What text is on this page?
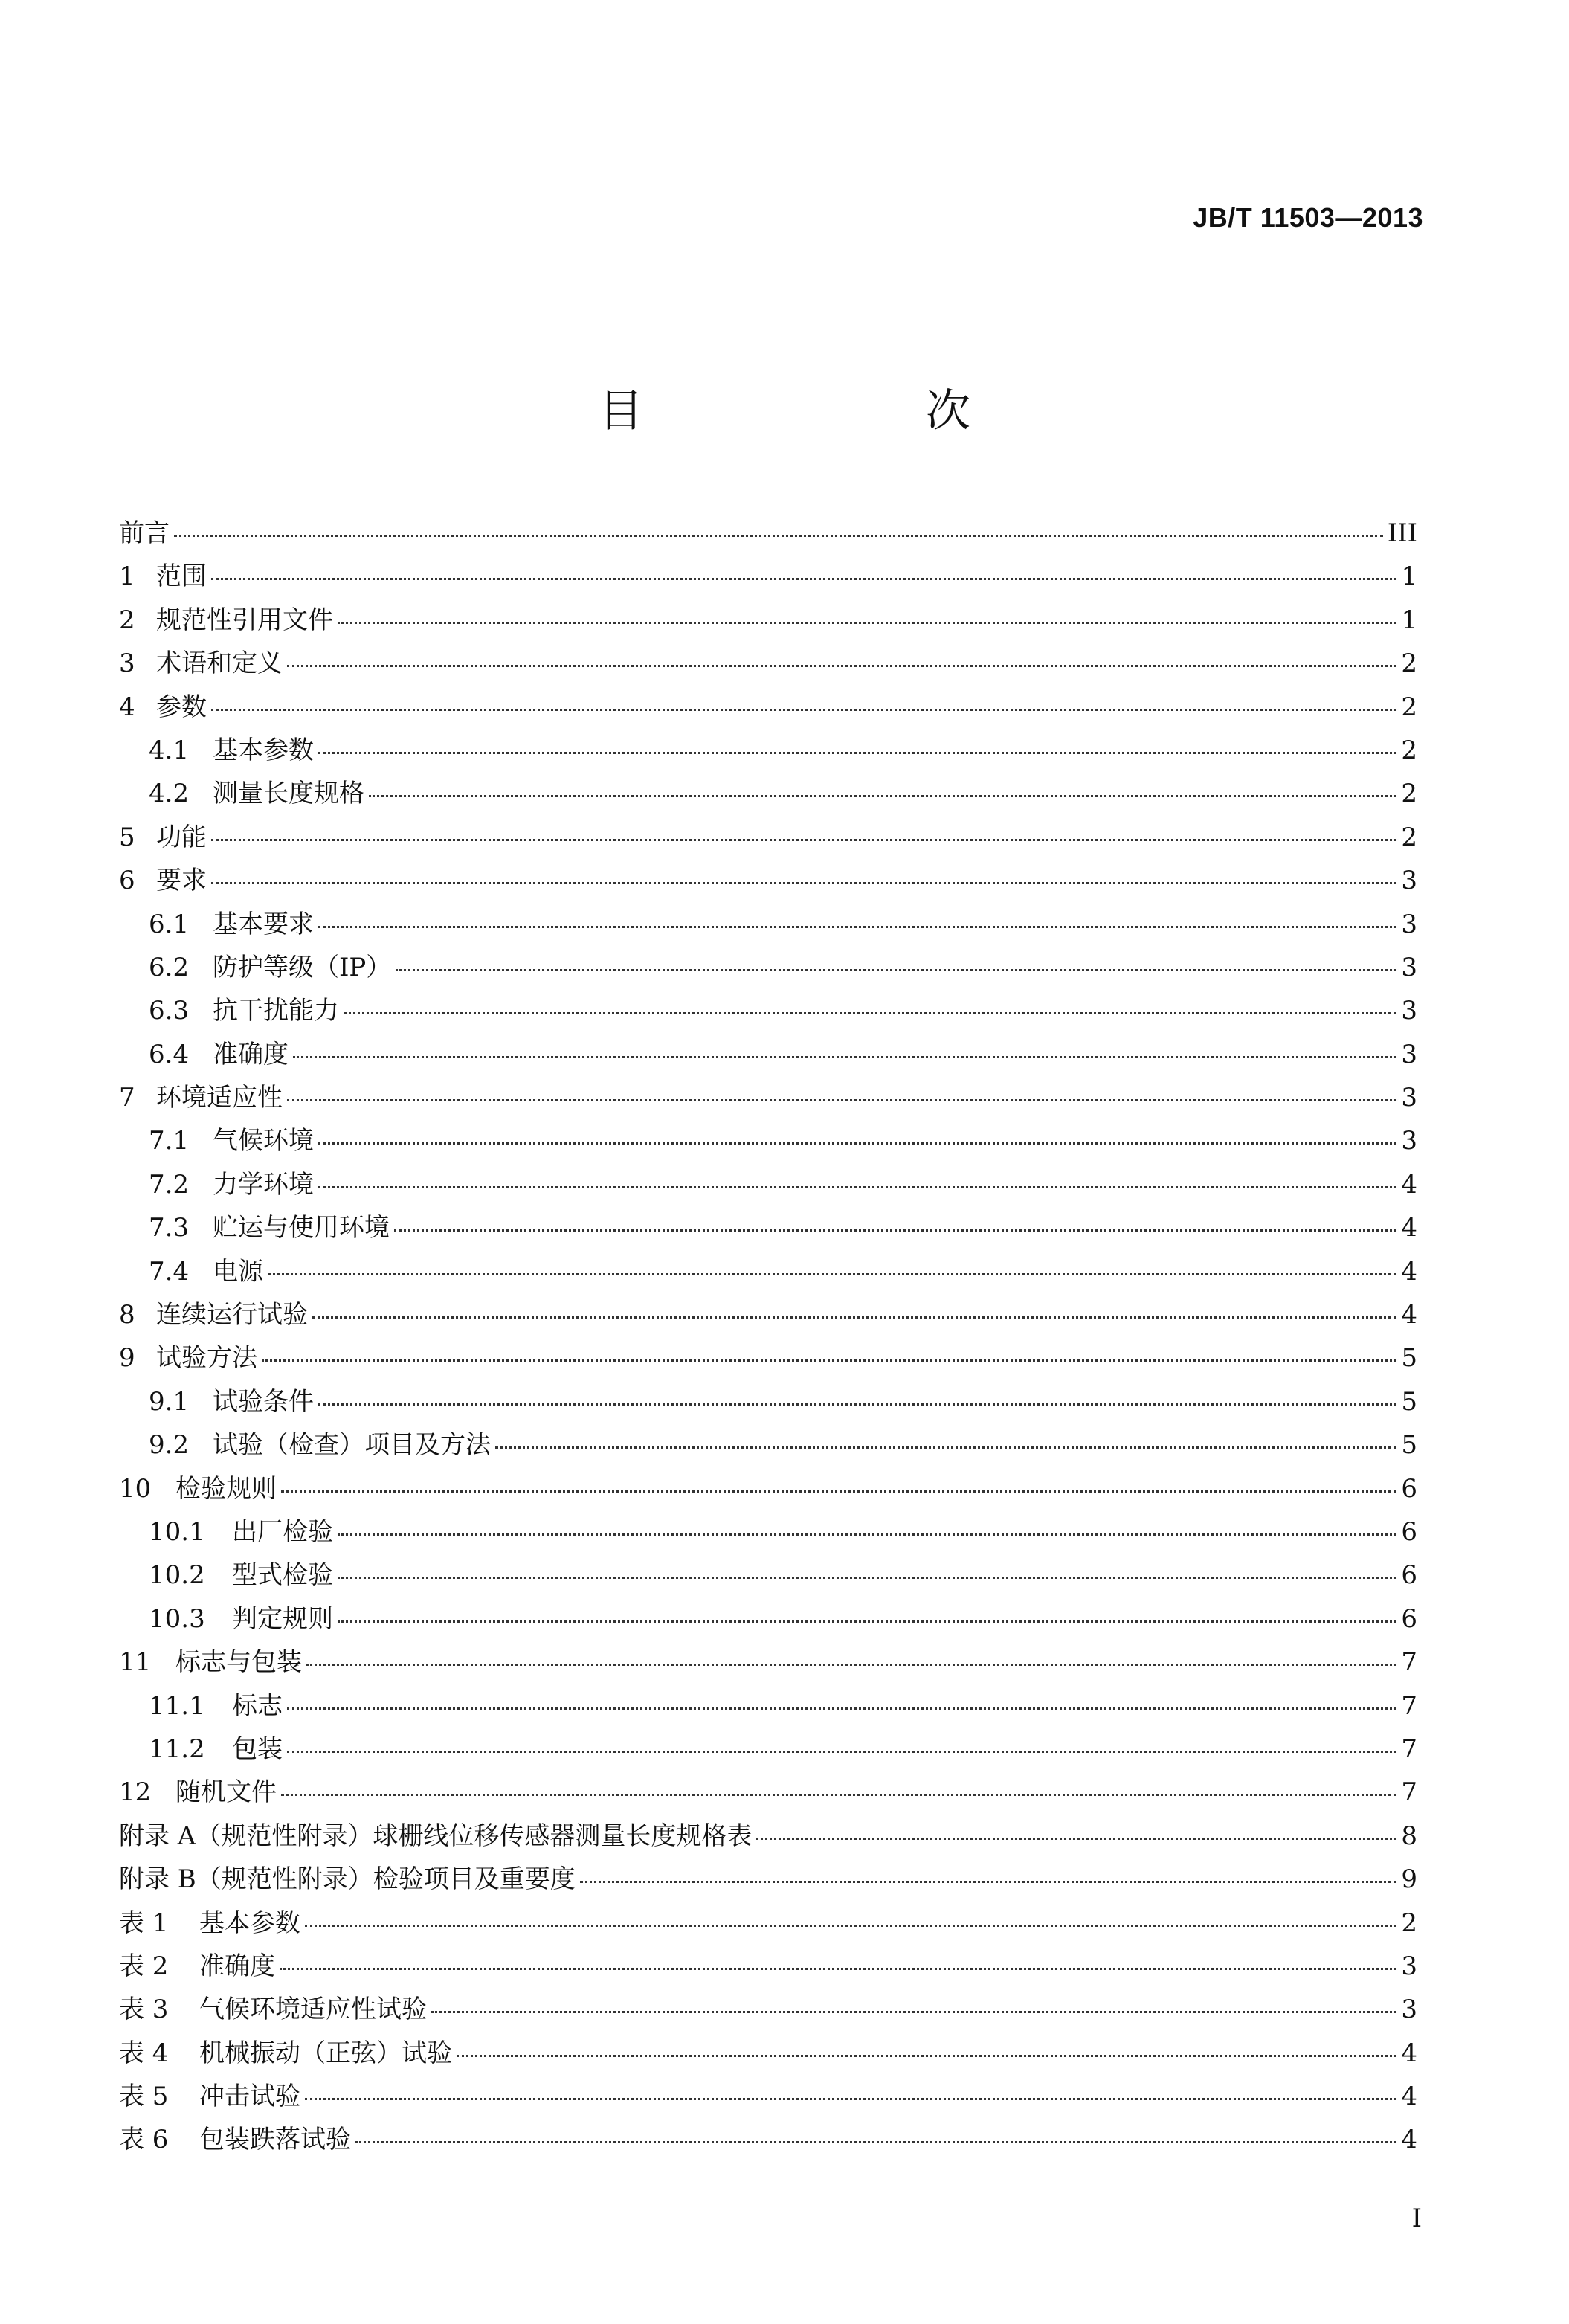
JB/T 11503—2013
目　次
前言	III
1 范围	1
2 规范性引用文件	1
3 术语和定义	2
4 参数	2
4.1 基本参数	2
4.2 测量长度规格	2
5 功能	2
6 要求	3
6.1 基本要求	3
6.2 防护等级（IP）	3
6.3 抗干扰能力	3
6.4 准确度	3
7 环境适应性	3
7.1 气候环境	3
7.2 力学环境	4
7.3 贮运与使用环境	4
7.4 电源	4
8 连续运行试验	4
9 试验方法	5
9.1 试验条件	5
9.2 试验（检查）项目及方法	5
10 检验规则	6
10.1	出厂检验	6
10.2	型式检验	6
10.3	判定规则	6
11 标志与包装	7
11.1	标志	7
11.2	包装	7
12 随机文件	7
附录 A （规范性附录）球栅线位移传感器测量长度规格表	8
附录 B （规范性附录）检验项目及重要度	9
表 1	基本参数	2
表 2	准确度	3
表 3	气候环境适应性试验	3
表 4	机械振动（正弦）试验	4
表 5	冲击试验	4
表 6	包装跌落试验	4
I
